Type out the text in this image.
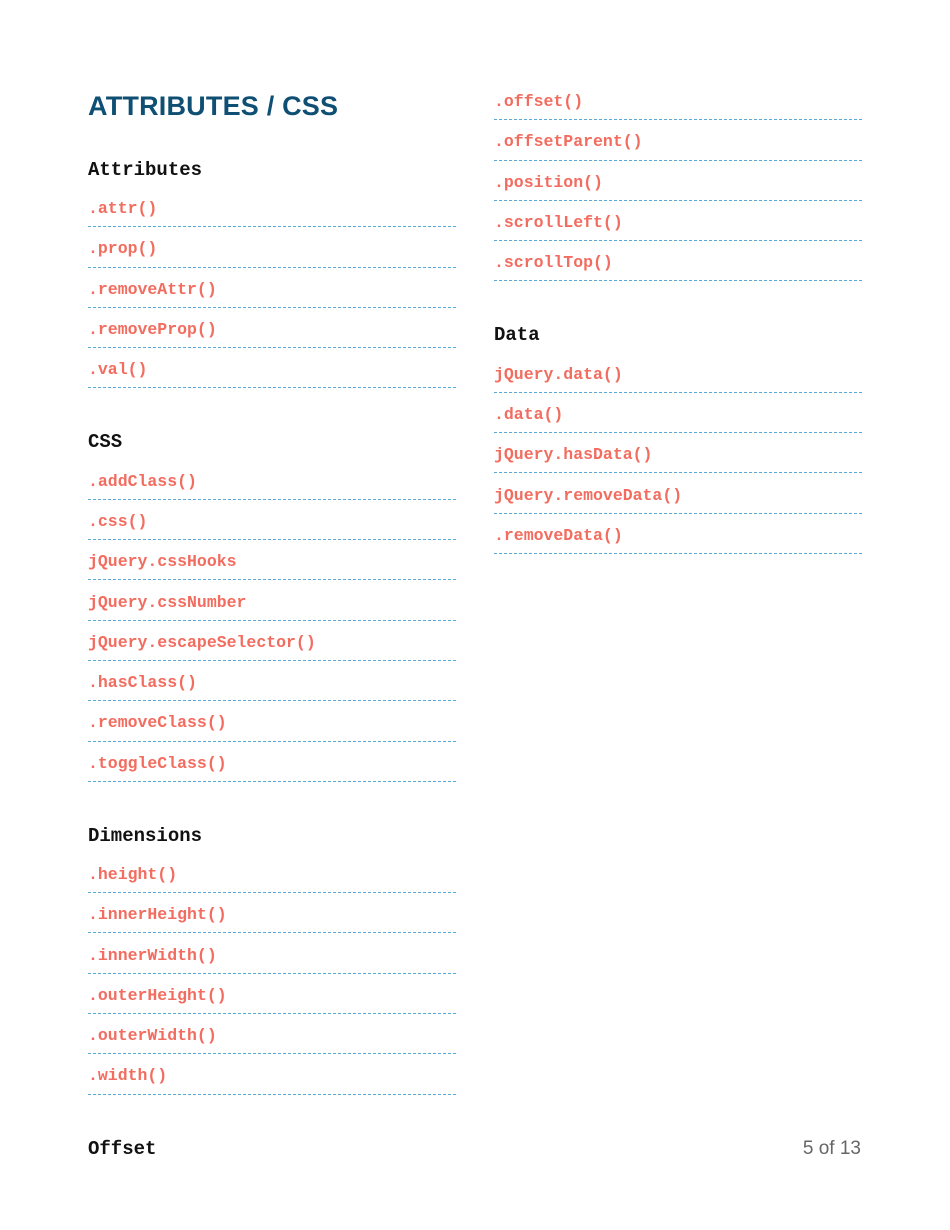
ATTRIBUTES / CSS
Attributes
.attr()
.prop()
.removeAttr()
.removeProp()
.val()
CSS
.addClass()
.css()
jQuery.cssHooks
jQuery.cssNumber
jQuery.escapeSelector()
.hasClass()
.removeClass()
.toggleClass()
Dimensions
.height()
.innerHeight()
.innerWidth()
.outerHeight()
.outerWidth()
.width()
Offset
.offset()
.offsetParent()
.position()
.scrollLeft()
.scrollTop()
Data
jQuery.data()
.data()
jQuery.hasData()
jQuery.removeData()
.removeData()
5 of 13
